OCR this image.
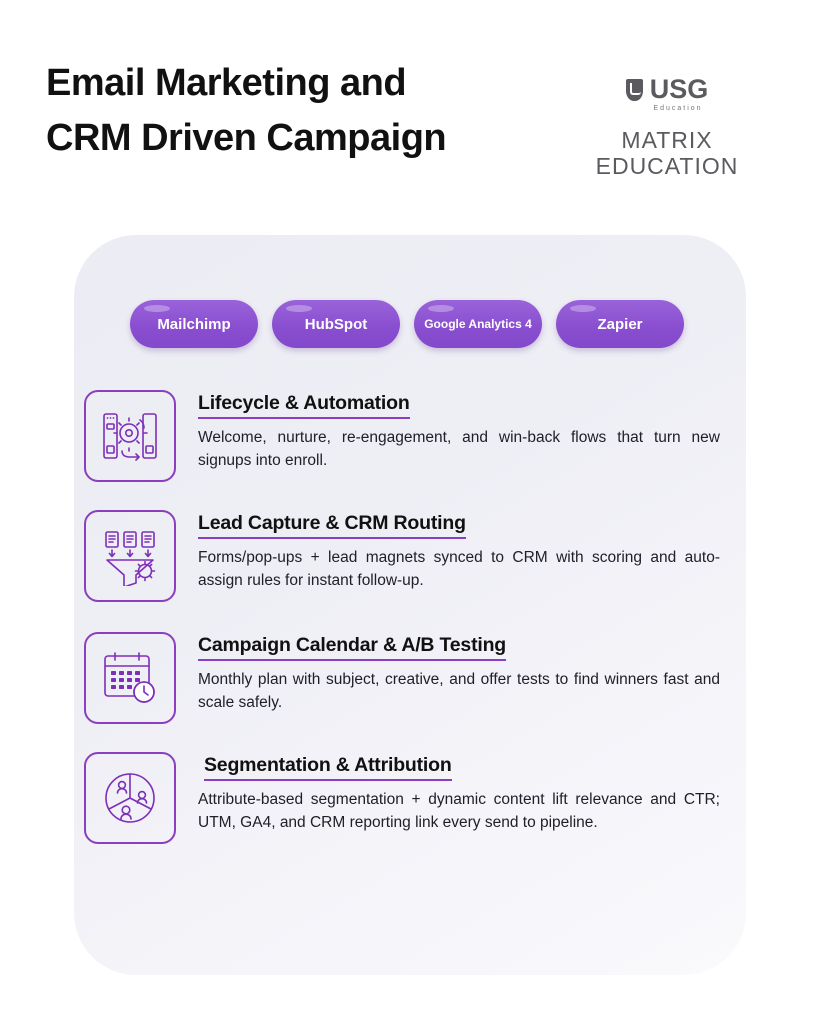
Email Marketing and
CRM Driven Campaign
USG
Education
MATRIX
EDUCATION
Mailchimp	HubSpot	Google Analytics 4	Zapier
Lifecycle & Automation
Welcome, nurture, re-engagement, and win-back flows that turn new signups into enroll.
Lead Capture & CRM Routing
Forms/pop-ups + lead magnets synced to CRM with scoring and auto-assign rules for instant follow-up.
Campaign Calendar & A/B Testing
Monthly plan with subject, creative, and offer tests to find winners fast and scale safely.
Segmentation & Attribution
Attribute-based segmentation + dynamic content lift relevance and CTR; UTM, GA4, and CRM reporting link every send to pipeline.
